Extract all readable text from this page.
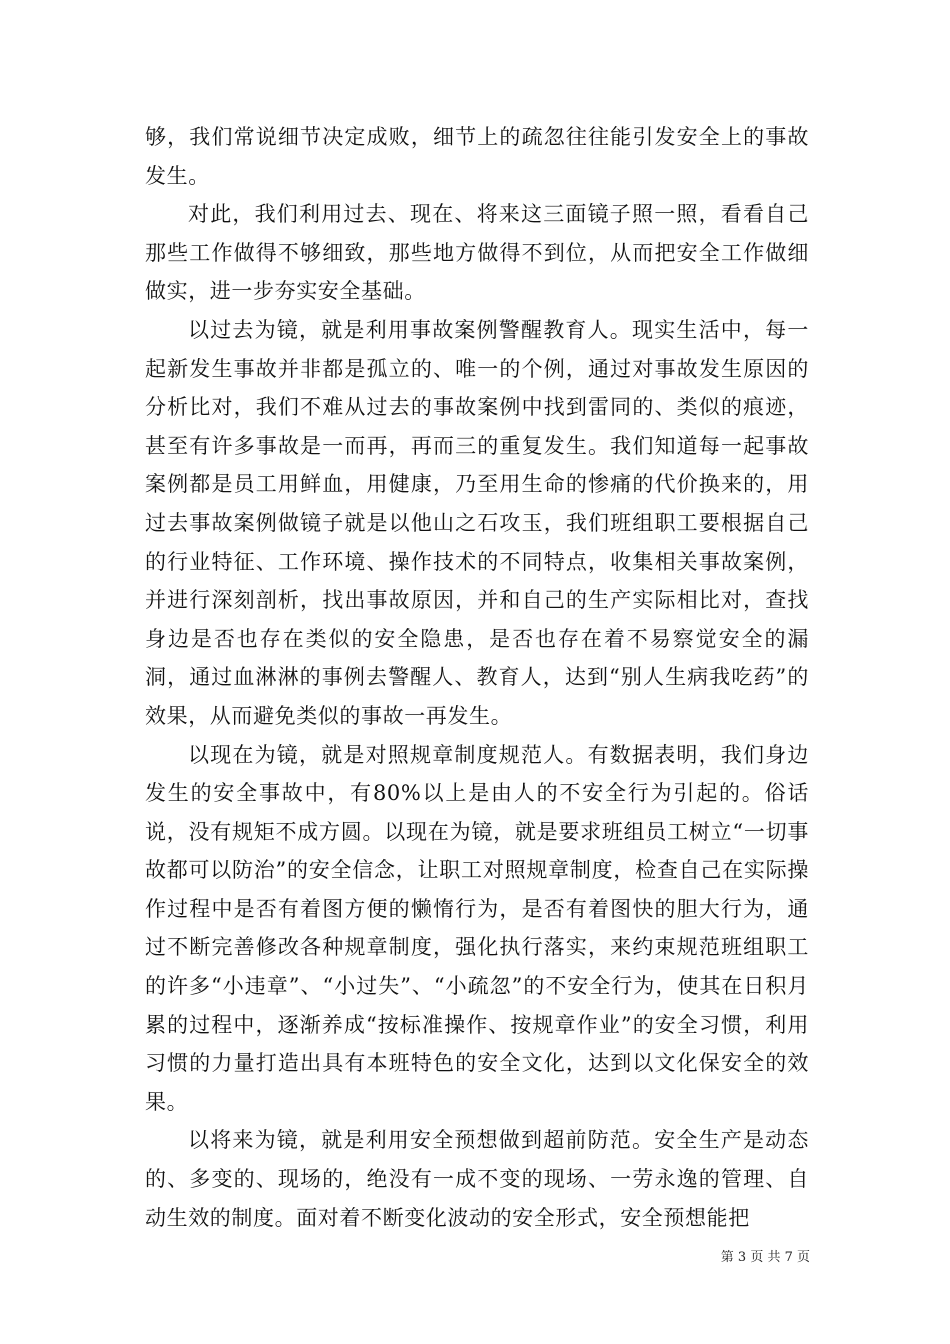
够，我们常说细节决定成败，细节上的疏忽往往能引发安全上的事故发生。

对此，我们利用过去、现在、将来这三面镜子照一照，看看自己那些工作做得不够细致，那些地方做得不到位，从而把安全工作做细做实，进一步夯实安全基础。

以过去为镜，就是利用事故案例警醒教育人。现实生活中，每一起新发生事故并非都是孤立的、唯一的个例，通过对事故发生原因的分析比对，我们不难从过去的事故案例中找到雷同的、类似的痕迹，甚至有许多事故是一而再，再而三的重复发生。我们知道每一起事故案例都是员工用鲜血，用健康，乃至用生命的惨痛的代价换来的，用过去事故案例做镜子就是以他山之石攻玉，我们班组职工要根据自己的行业特征、工作环境、操作技术的不同特点，收集相关事故案例，并进行深刻剖析，找出事故原因，并和自己的生产实际相比对，查找身边是否也存在类似的安全隐患，是否也存在着不易察觉安全的漏洞，通过血淋淋的事例去警醒人、教育人，达到“别人生病我吃药”的效果，从而避免类似的事故一再发生。

以现在为镜，就是对照规章制度规范人。有数据表明，我们身边发生的安全事故中，有80%以上是由人的不安全行为引起的。俗话说，没有规矩不成方圆。以现在为镜，就是要求班组员工树立“一切事故都可以防治”的安全信念，让职工对照规章制度，检查自己在实际操作过程中是否有着图方便的懒惰行为，是否有着图快的胆大行为，通过不断完善修改各种规章制度，强化执行落实，来约束规范班组职工的许多“小违章”、“小过失”、“小疏忽”的不安全行为，使其在日积月累的过程中，逐渐养成“按标准操作、按规章作业”的安全习惯，利用习惯的力量打造出具有本班特色的安全文化，达到以文化保安全的效果。

以将来为镜，就是利用安全预想做到超前防范。安全生产是动态的、多变的、现场的，绝没有一成不变的现场、一劳永逸的管理、自动生效的制度。面对着不断变化波动的安全形式，安全预想能把

第 3 页 共 7 页
